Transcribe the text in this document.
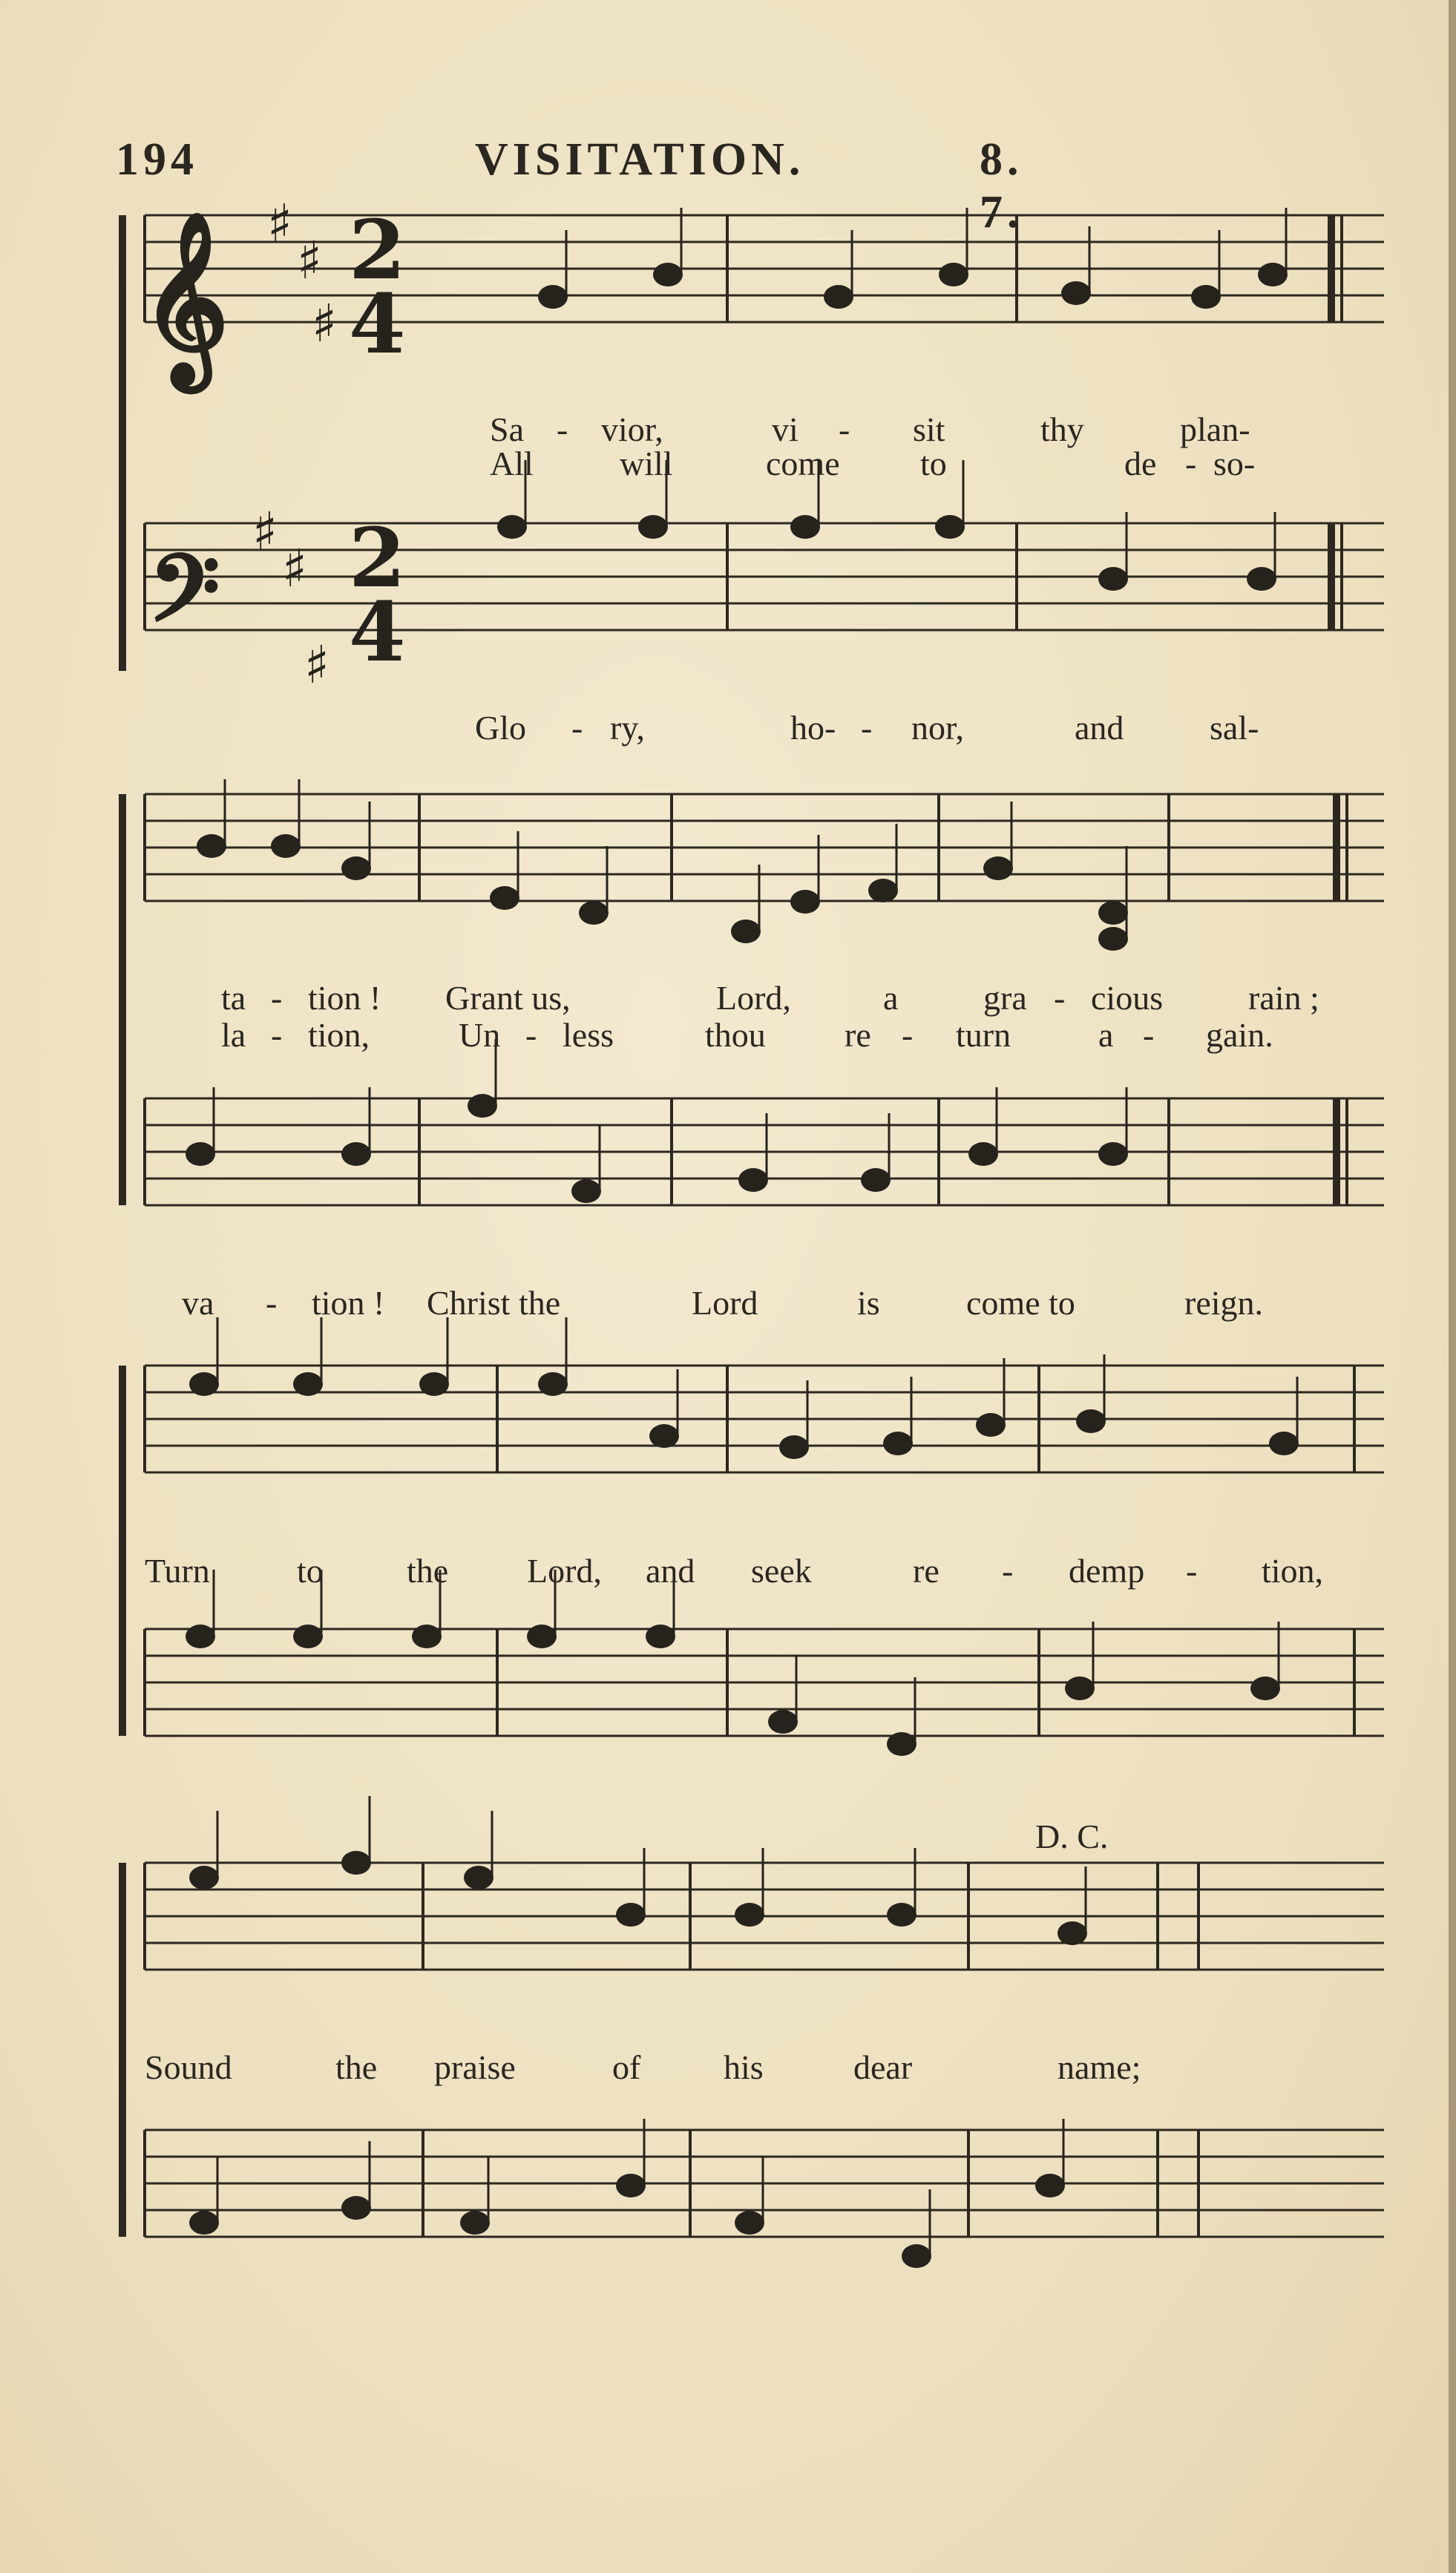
194	VISITATION.	8. 7.
𝄞 2
4
𝄢 2
4
♯
♯
♯
♯
♯
♯
Sa - vior,	vi - sit	thy	plan-
All	will	come to	de - so-
Glo - ry,	ho- - nor,	and	sal-
ta - tion ! Grant us,	Lord,	a gra - cious rain ;
la - tion,	Un - less	thou re - turn	a - gain.
va - tion ! Christ the	Lord	is	come to	reign.
Turn	to the Lord, and seek	re - demp - tion,
D. C.
Sound	the praise	of his	dear	name;
